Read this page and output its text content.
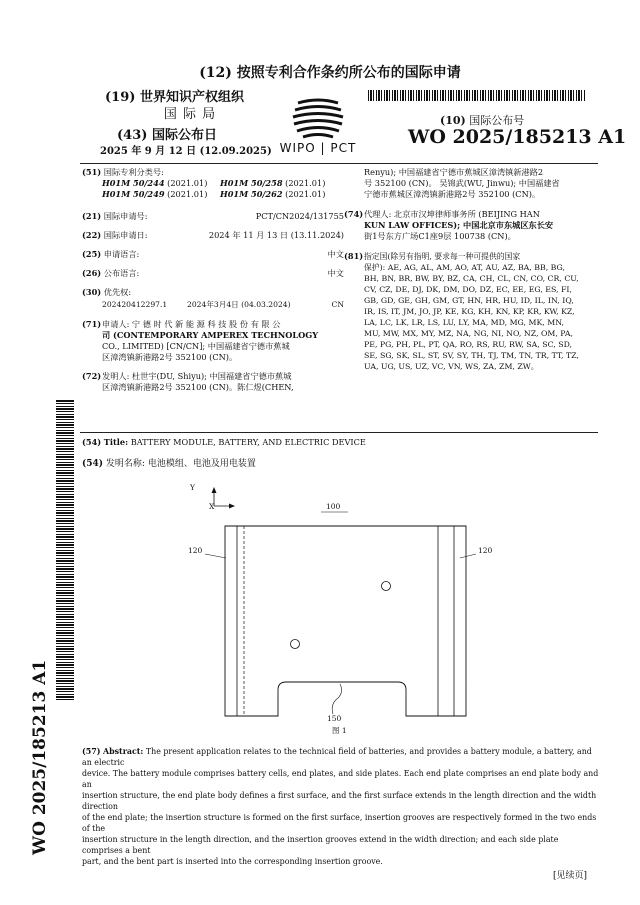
(12) 按照专利合作条约所公布的国际申请
(19) 世界知识产权组织
国 际 局
(43) 国际公布日
2025 年 9 月 12 日 (12.09.2025) WIPO | PCT
(10) 国际公布号
WO 2025/185213 A1
(51) 国际专利分类号:
H01M 50/244 (2021.01) H01M 50/258 (2021.01)
H01M 50/249 (2021.01) H01M 50/262 (2021.01)
(21) 国际申请号:	PCT/CN2024/131755
(22) 国际申请日:	2024 年 11 月 13 日 (13.11.2024)
(25) 申请语言:	中文
(26) 公布语言:	中文
(30) 优先权:
202420412297.1	2024年3月4日 (04.03.2024)	CN
(71) 申请人: 宁 德 时 代 新 能 源 科 技 股 份 有 限 公
司 (CONTEMPORARY AMPEREX TECHNOLOGY
CO., LIMITED) [CN/CN]; 中国福建省宁德市蕉城
区漳湾镇新港路2号 352100 (CN)。
(72) 发明人: 杜世宇(DU, Shiyu); 中国福建省宁德市蕉城
区漳湾镇新港路2号 352100 (CN)。陈仁煜(CHEN,
Renyu); 中国福建省宁德市蕉城区漳湾镇新港路2
号 352100 (CN)。 吴锦武(WU, Jinwu); 中国福建省
宁德市蕉城区漳湾镇新港路2号 352100 (CN)。
(74) 代理人: 北京市汉坤律师事务所 (BEIJING HAN
KUN LAW OFFICES); 中国北京市东城区东长安
街1号东方广场C1座9层 100738 (CN)。
(81) 指定国(除另有指明, 要求每一种可提供的国家
保护): AE, AG, AL, AM, AO, AT, AU, AZ, BA, BB, BG,
BH, BN, BR, BW, BY, BZ, CA, CH, CL, CN, CO, CR, CU,
CV, CZ, DE, DJ, DK, DM, DO, DZ, EC, EE, EG, ES, FI,
GB, GD, GE, GH, GM, GT, HN, HR, HU, ID, IL, IN, IQ,
IR, IS, IT, JM, JO, JP, KE, KG, KH, KN, KP, KR, KW, KZ,
LA, LC, LK, LR, LS, LU, LY, MA, MD, MG, MK, MN,
MU, MW, MX, MY, MZ, NA, NG, NI, NO, NZ, OM, PA,
PE, PG, PH, PL, PT, QA, RO, RS, RU, RW, SA, SC, SD,
SE, SG, SK, SL, ST, SV, SY, TH, TJ, TM, TN, TR, TT, TZ,
UA, UG, US, UZ, VC, VN, WS, ZA, ZM, ZW。
(54) Title: BATTERY MODULE, BATTERY, AND ELECTRIC DEVICE
(54) 发明名称: 电池模组、电池及用电装置
Y
X	100
120	120
150
图 1
(57) Abstract: The present application relates to the technical field of batteries, and provides a battery module, a battery, and an electric
device. The battery module comprises battery cells, end plates, and side plates. Each end plate comprises an end plate body and an
insertion structure, the end plate body defines a first surface, and the first surface extends in the length direction and the width direction
of the end plate; the insertion structure is formed on the first surface, insertion grooves are respectively formed in the two ends of the
insertion structure in the length direction, and the insertion grooves extend in the width direction; and each side plate comprises a bent
part, and the bent part is inserted into the corresponding insertion groove.
WO 2025/185213 A1
[见续页]
